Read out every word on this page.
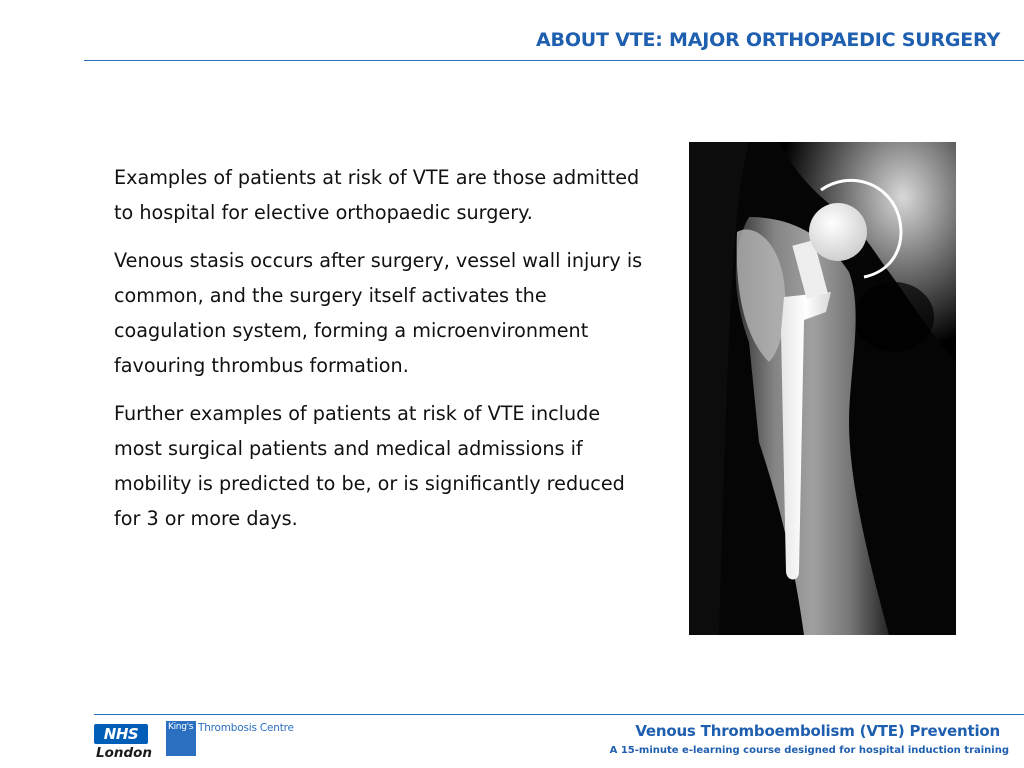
ABOUT VTE: MAJOR ORTHOPAEDIC SURGERY

Examples of patients at risk of VTE are those admitted to hospital for elective orthopaedic surgery.

Venous stasis occurs after surgery, vessel wall injury is common, and the surgery itself activates the coagulation system, forming a microenvironment favouring thrombus formation.

Further examples of patients at risk of VTE include most surgical patients and medical admissions if mobility is predicted to be, or is significantly reduced for 3 or more days.

NHS
London
King's Thrombosis Centre	Venous Thromboembolism (VTE) Prevention
A 15-minute e-learning course designed for hospital induction training
